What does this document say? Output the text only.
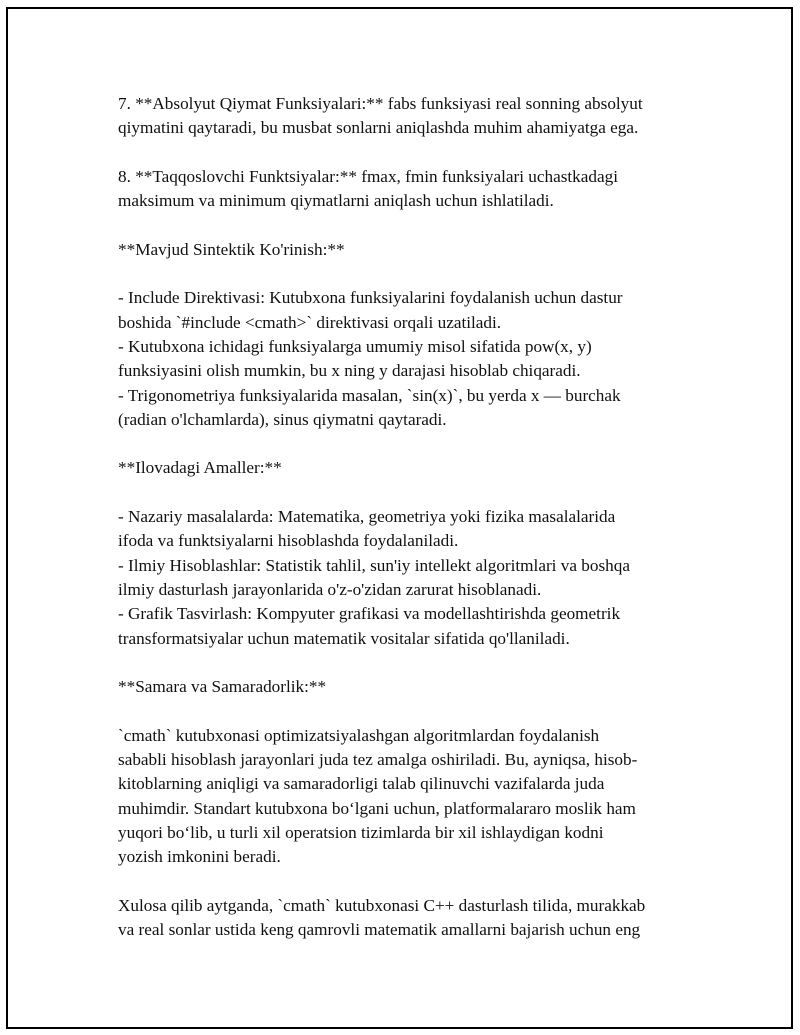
7. **Absolyut Qiymat Funksiyalari:** fabs funksiyasi real sonning absolyut
qiymatini qaytaradi, bu musbat sonlarni aniqlashda muhim ahamiyatga ega.

8. **Taqqoslovchi Funktsiyalar:** fmax, fmin funksiyalari uchastkadagi
maksimum va minimum qiymatlarni aniqlash uchun ishlatiladi.

**Mavjud Sintektik Ko'rinish:**

- Include Direktivasi: Kutubxona funksiyalarini foydalanish uchun dastur
boshida `#include <cmath>` direktivasi orqali uzatiladi.
- Kutubxona ichidagi funksiyalarga umumiy misol sifatida pow(x, y)
funksiyasini olish mumkin, bu x ning y darajasi hisoblab chiqaradi.
- Trigonometriya funksiyalarida masalan, `sin(x)`, bu yerda x — burchak
(radian o'lchamlarda), sinus qiymatni qaytaradi.

**Ilovadagi Amaller:**

- Nazariy masalalarda: Matematika, geometriya yoki fizika masalalarida
ifoda va funktsiyalarni hisoblashda foydalaniladi.
- Ilmiy Hisoblashlar: Statistik tahlil, sun'iy intellekt algoritmlari va boshqa
ilmiy dasturlash jarayonlarida o'z-o'zidan zarurat hisoblanadi.
- Grafik Tasvirlash: Kompyuter grafikasi va modellashtirishda geometrik
transformatsiyalar uchun matematik vositalar sifatida qo'llaniladi.

**Samara va Samaradorlik:**

`cmath` kutubxonasi optimizatsiyalashgan algoritmlardan foydalanish
sababli hisoblash jarayonlari juda tez amalga oshiriladi. Bu, ayniqsa, hisob-
kitoblarning aniqligi va samaradorligi talab qilinuvchi vazifalarda juda
muhimdir. Standart kutubxona bo‘lgani uchun, platformalararo moslik ham
yuqori bo‘lib, u turli xil operatsion tizimlarda bir xil ishlaydigan kodni
yozish imkonini beradi.

Xulosa qilib aytganda, `cmath` kutubxonasi C++ dasturlash tilida, murakkab
va real sonlar ustida keng qamrovli matematik amallarni bajarish uchun eng
